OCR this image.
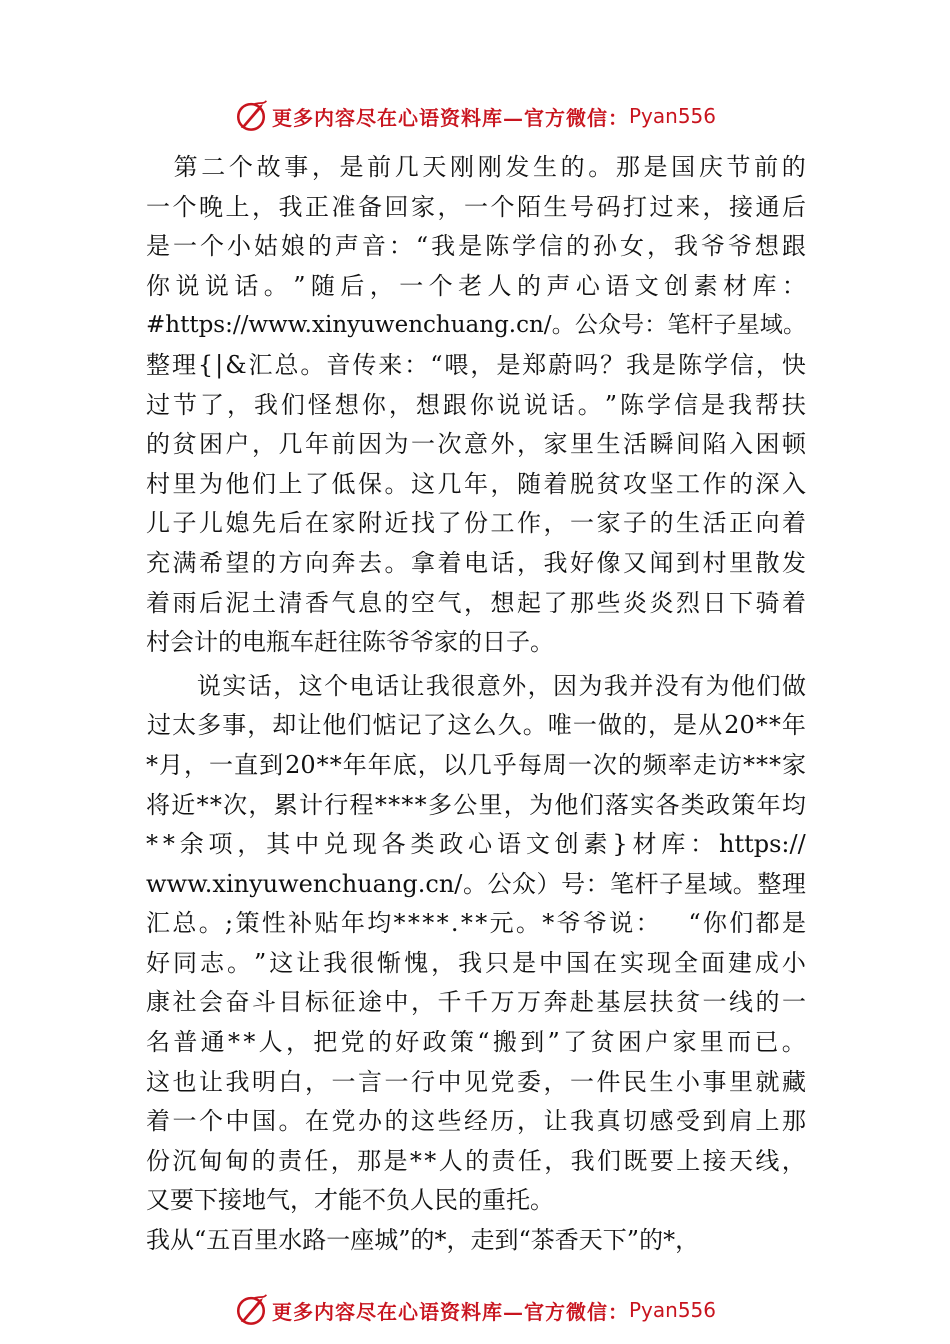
更多内容尽在心语资料库—官方微信： Pyan556

第 二 个 故 事 ， 是 前 几 天 刚 刚 发 生 的 。 那 是 国 庆 节 前 的
一 个 晚 上 ， 我 正 准 备 回 家 ， 一 个 陌 生 号 码 打 过 来 ， 接 通 后
是 一 个 小 姑 娘 的 声 音 ： “ 我 是 陈 学 信 的 孙 女 ， 我 爷 爷 想 跟
你 说 说 话 。 ” 随 后 ， 一 个 老 人 的 声 心 语 文 创 素 材 库 ：
#https://www.xinyuwenchuang.cn/ 。 公 众 号 ： 笔 杆 子 星 域 。
整 理 { | & 汇 总 。 音 传 来 ： “ 喂 ， 是 郑 蔚 吗 ？ 我 是 陈 学 信 ， 快
过 节 了 ， 我 们 怪 想 你 ， 想 跟 你 说 说 话 。 ” 陈 学 信 是 我 帮 扶
的 贫 困 户 ， 几 年 前 因 为 一 次 意 外 ， 家 里 生 活 瞬 间 陷 入 困 顿
村 里 为 他 们 上 了 低 保 。 这 几 年 ， 随 着 脱 贫 攻 坚 工 作 的 深 入
儿 子 儿 媳 先 后 在 家 附 近 找 了 份 工 作 ， 一 家 子 的 生 活 正 向 着
充 满 希 望 的 方 向 奔 去 。 拿 着 电 话 ， 我 好 像 又 闻 到 村 里 散 发
着 雨 后 泥 土 清 香 气 息 的 空 气 ， 想 起 了 那 些 炎 炎 烈 日 下 骑 着
村会计的电瓶车赶往陈爷爷家的日子。

说 实 话 ， 这 个 电 话 让 我 很 意 外 ， 因 为 我 并 没 有 为 他 们 做
过 太 多 事 ， 却 让 他 们 惦 记 了 这 么 久 。 唯 一 做 的 ， 是 从 20 * * 年
* 月 ， 一 直 到 20 * * 年 年 底 ， 以 几 乎 每 周 一 次 的 频 率 走 访 * * * 家
将 近 * * 次 ， 累 计 行 程 * * * * 多 公 里 ， 为 他 们 落 实 各 类 政 策 年 均
* * 余 项 ， 其 中 兑 现 各 类 政 心 语 文 创 素 } 材 库 ： https://
www.xinyuwenchuang.cn/ 。 公 众 ） 号 ： 笔 杆 子 星 域 。 整 理
汇 总 。 ; 策 性 补 贴 年 均 * * * * . * * 元 。 * 爷 爷 说 ：
　 “ 你 们 都 是
好 同 志 。 ” 这 让 我 很 惭 愧 ， 我 只 是 中 国 在 实 现 全 面 建 成 小
康 社 会 奋 斗 目 标 征 途 中 ， 千 千 万 万 奔 赴 基 层 扶 贫 一 线 的 一
名 普 通 * * 人 ， 把 党 的 好 政 策 “ 搬 到 ” 了 贫 困 户 家 里 而 已 。
这 也 让 我 明 白 ， 一 言 一 行 中 见 党 委 ， 一 件 民 生 小 事 里 就 藏
着 一 个 中 国 。 在 党 办 的 这 些 经 历 ， 让 我 真 切 感 受 到 肩 上 那
份 沉 甸 甸 的 责 任 ， 那 是 * * 人 的 责 任 ， 我 们 既 要 上 接 天 线 ，
又要下接地气，才能不负人民的重托。
我从“五百里水路一座城”的*，走到“茶香天下”的*，
更多内容尽在心语资料库—官方微信： Pyan556
